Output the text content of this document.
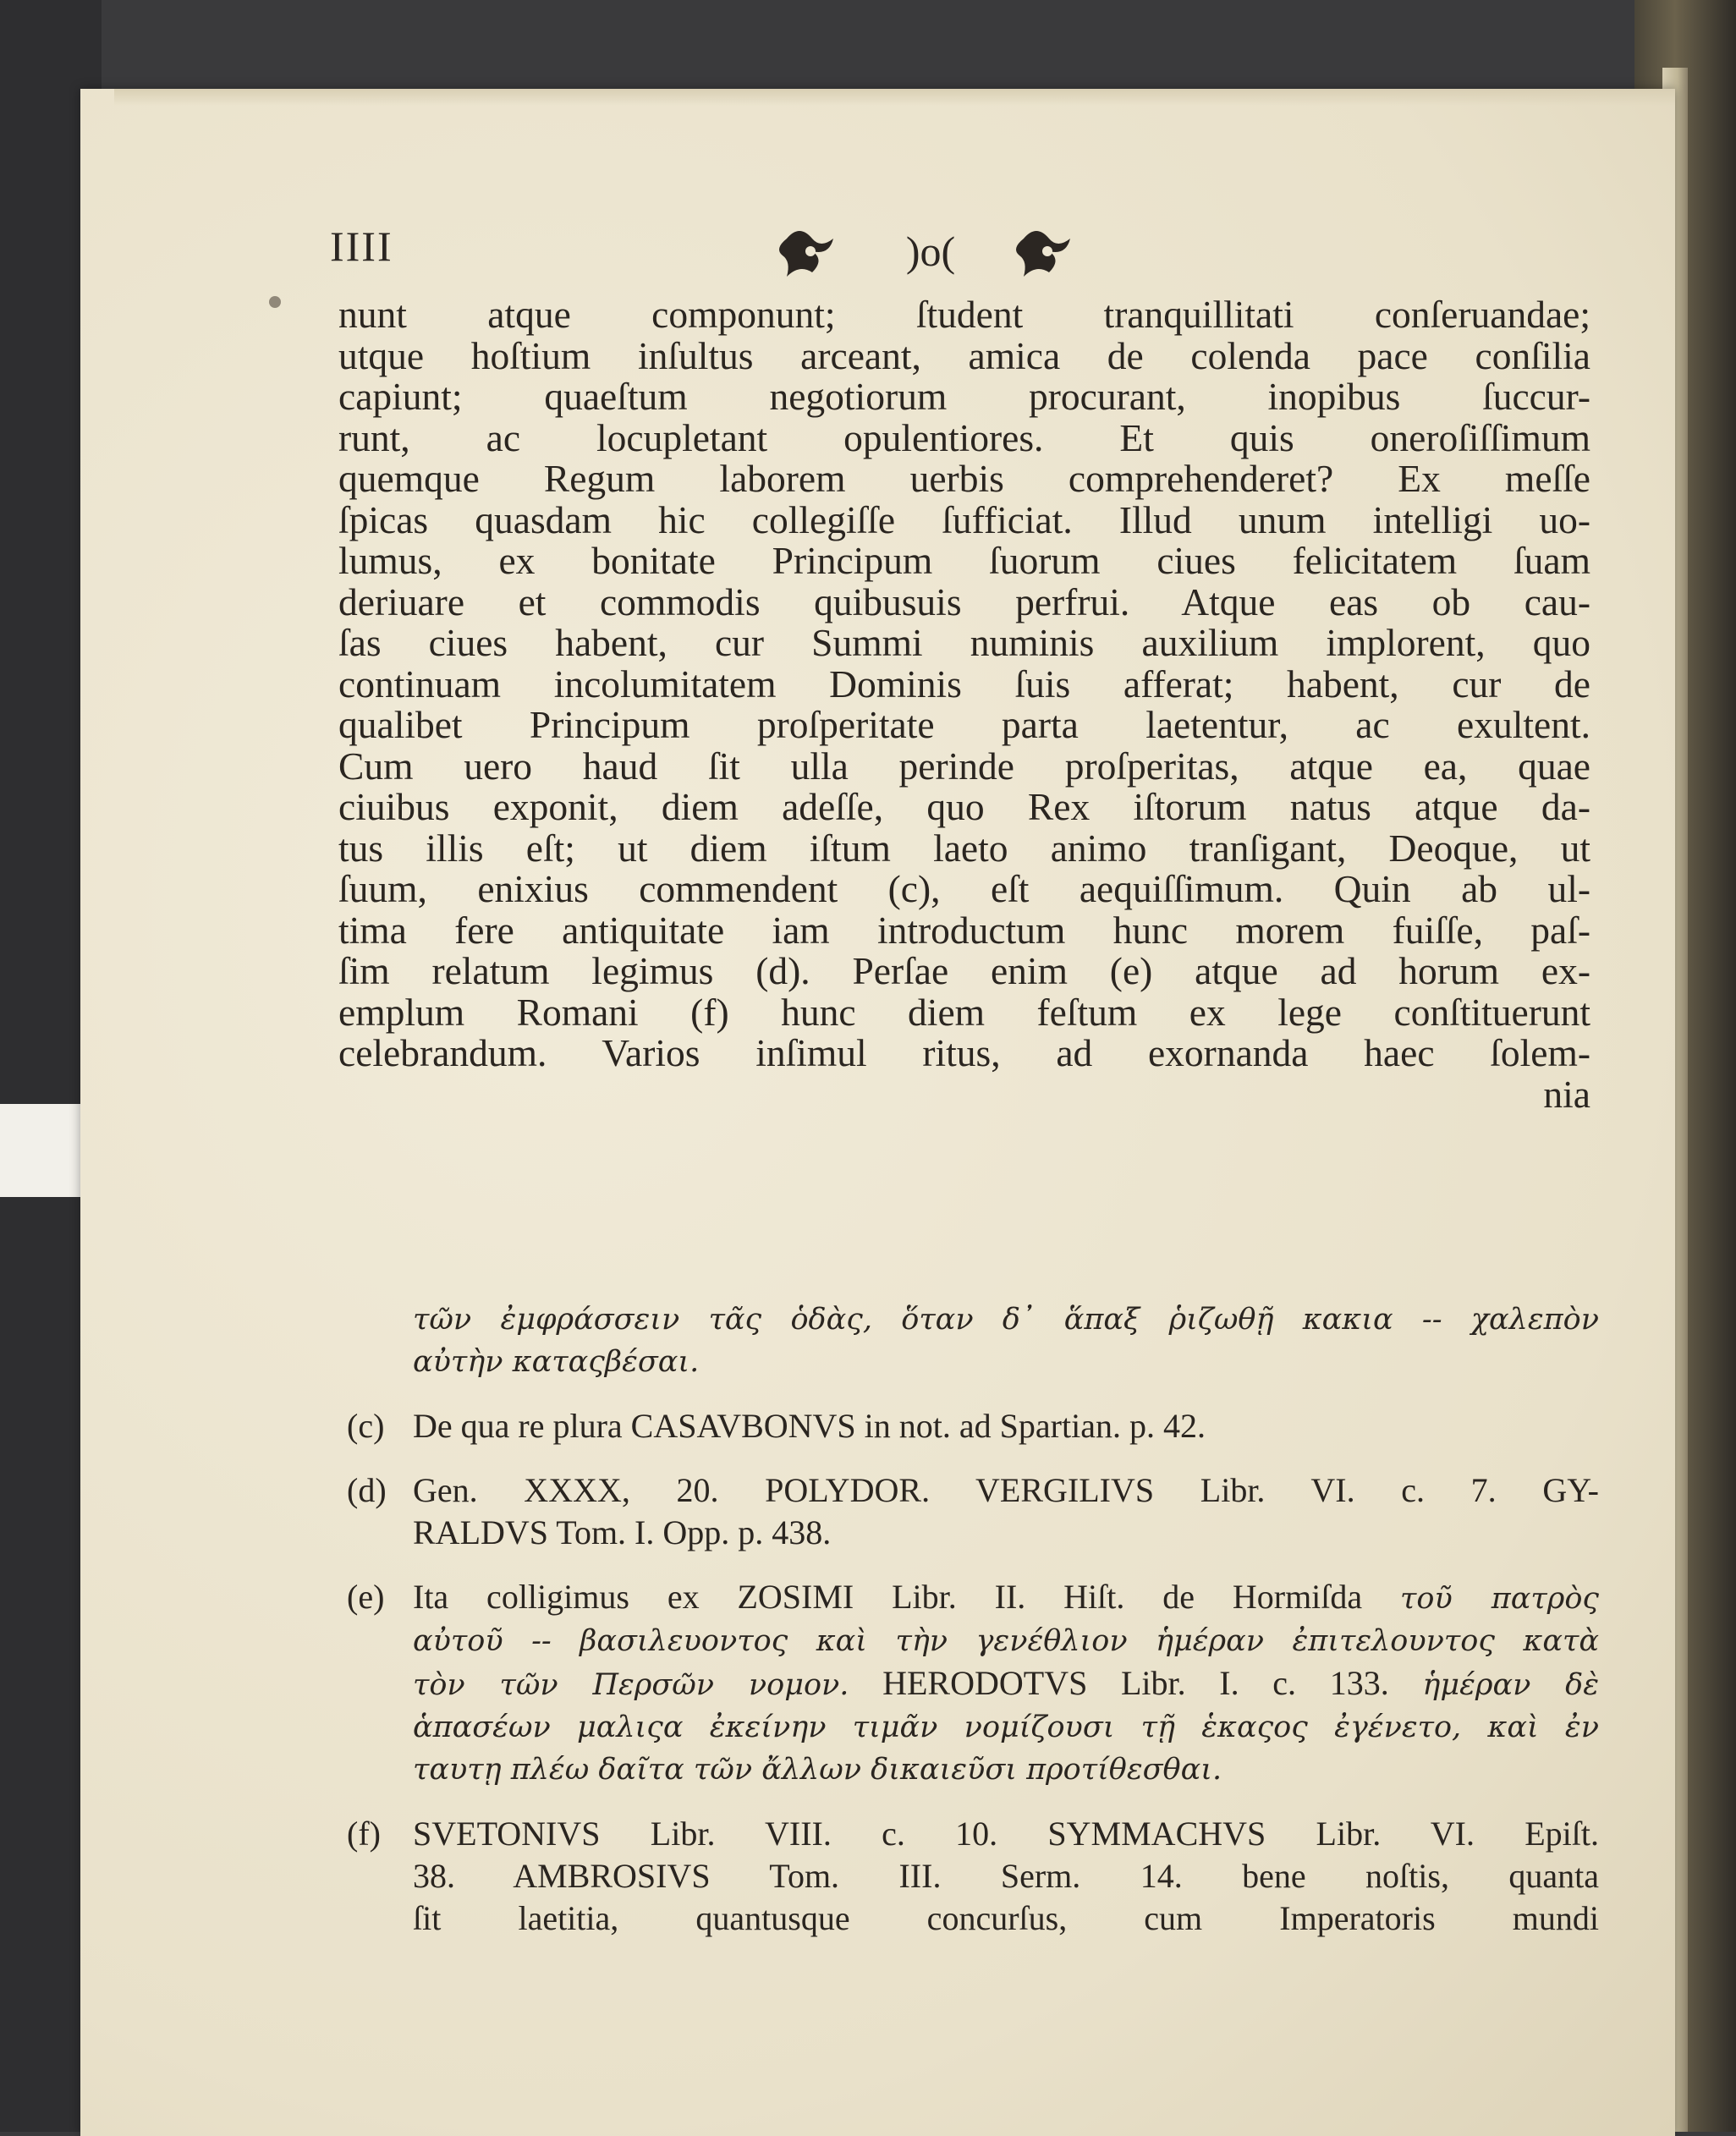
IIII	)o(
nunt atque componunt; ſtudent tranquillitati conſeruandae;
utque hoſtium inſultus arceant, amica de colenda pace conſilia
capiunt; quaeſtum negotiorum procurant, inopibus ſuccur-
runt, ac locupletant opulentiores. Et quis oneroſiſſimum
quemque Regum laborem uerbis comprehenderet? Ex meſſe
ſpicas quasdam hic collegiſſe ſufficiat. Illud unum intelligi uo-
lumus, ex bonitate Principum ſuorum ciues felicitatem ſuam
deriuare et commodis quibusuis perfrui. Atque eas ob cau-
ſas ciues habent, cur Summi numinis auxilium implorent, quo
continuam incolumitatem Dominis ſuis afferat; habent, cur de
qualibet Principum proſperitate parta laetentur, ac exultent.
Cum uero haud ſit ulla perinde proſperitas, atque ea, quae
ciuibus exponit, diem adeſſe, quo Rex iſtorum natus atque da-
tus illis eſt; ut diem iſtum laeto animo tranſigant, Deoque, ut
ſuum, enixius commendent (c), eſt aequiſſimum. Quin ab ul-
tima fere antiquitate iam introductum hunc morem fuiſſe, paſ-
ſim relatum legimus (d). Perſae enim (e) atque ad horum ex-
emplum Romani (f) hunc diem feſtum ex lege conſtituerunt
celebrandum. Varios inſimul ritus, ad exornanda haec ſolem-
nia
τῶν ἐμφράσσειν τᾶς ὁδὰς, ὅταν δ᾽ ἅπαξ ῥιζωθῇ κακια -- χαλεπὸν
αὐτὴν καταςβέσαι.
(c) De qua re plura CASAVBONVS in not. ad Spartian. p. 42.
(d) Gen. XXXX, 20. POLYDOR. VERGILIVS Libr. VI. c. 7. GY-
RALDVS Tom. I. Opp. p. 438.
(e) Ita colligimus ex ZOSIMI Libr. II. Hiſt. de Hormiſda τοῦ πατρὸς
αὐτοῦ -- βασιλευοντος καὶ τὴν γενέθλιον ἡμέραν ἐπιτελουντος κατὰ
τὸν τῶν Περσῶν νομον. HERODOTVS Libr. I. c. 133. ἡμέραν δὲ
ἁπασέων μαλιςα ἐκείνην τιμᾶν νομίζουσι τῇ ἑκαςος ἐγένετο, καὶ ἐν
ταυτῃ πλέω δαῖτα τῶν ἄλλων δικαιεῦσι προτίθεσθαι.
(f) SVETONIVS Libr. VIII. c. 10. SYMMACHVS Libr. VI. Epiſt.
38. AMBROSIVS Tom. III. Serm. 14. bene noſtis, quanta
ſit laetitia, quantusque concurſus, cum Imperatoris mundi
